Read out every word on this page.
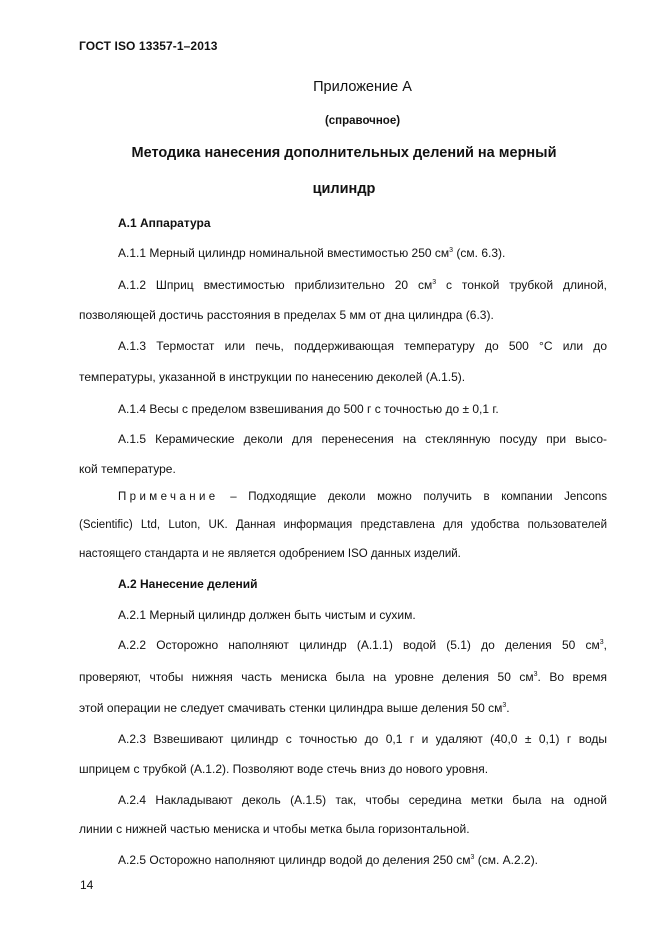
ГОСТ ISO 13357-1–2013
Приложение А
(справочное)
Методика нанесения дополнительных делений на мерный
цилиндр
А.1 Аппаратура
А.1.1 Мерный цилиндр номинальной вместимостью 250 $см^3$ (см. 6.3).
А.1.2 Шприц вместимостью приблизительно 20 $см^3$ с тонкой трубкой длиной,
позволяющей достичь расстояния в пределах 5 мм от дна цилиндра (6.3).
А.1.3 Термостат или печь, поддерживающая температуру до 500 °С или до
температуры, указанной в инструкции по нанесению деколей (А.1.5).
А.1.4 Весы с пределом взвешивания до 500 г с точностью до ± 0,1 г.
А.1.5 Керамические деколи для перенесения на стеклянную посуду при высо-
кой температуре.
Примечание – Подходящие деколи можно получить в компании Jencons
(Scientific) Ltd, Luton, UK. Данная информация представлена для удобства пользователей
настоящего стандарта и не является одобрением ISO данных изделий.
А.2 Нанесение делений
А.2.1 Мерный цилиндр должен быть чистым и сухим.
А.2.2 Осторожно наполняют цилиндр (А.1.1) водой (5.1) до деления 50 $см^3$,
проверяют, чтобы нижняя часть мениска была на уровне деления 50 $см^3$. Во время
этой операции не следует смачивать стенки цилиндра выше деления 50 $см^3$.
А.2.3 Взвешивают цилиндр с точностью до 0,1 г и удаляют (40,0 ± 0,1) г воды
шприцем с трубкой (А.1.2). Позволяют воде стечь вниз до нового уровня.
А.2.4 Накладывают деколь (А.1.5) так, чтобы середина метки была на одной
линии с нижней частью мениска и чтобы метка была горизонтальной.
А.2.5 Осторожно наполняют цилиндр водой до деления 250 $см^3$ (см. А.2.2).
14
